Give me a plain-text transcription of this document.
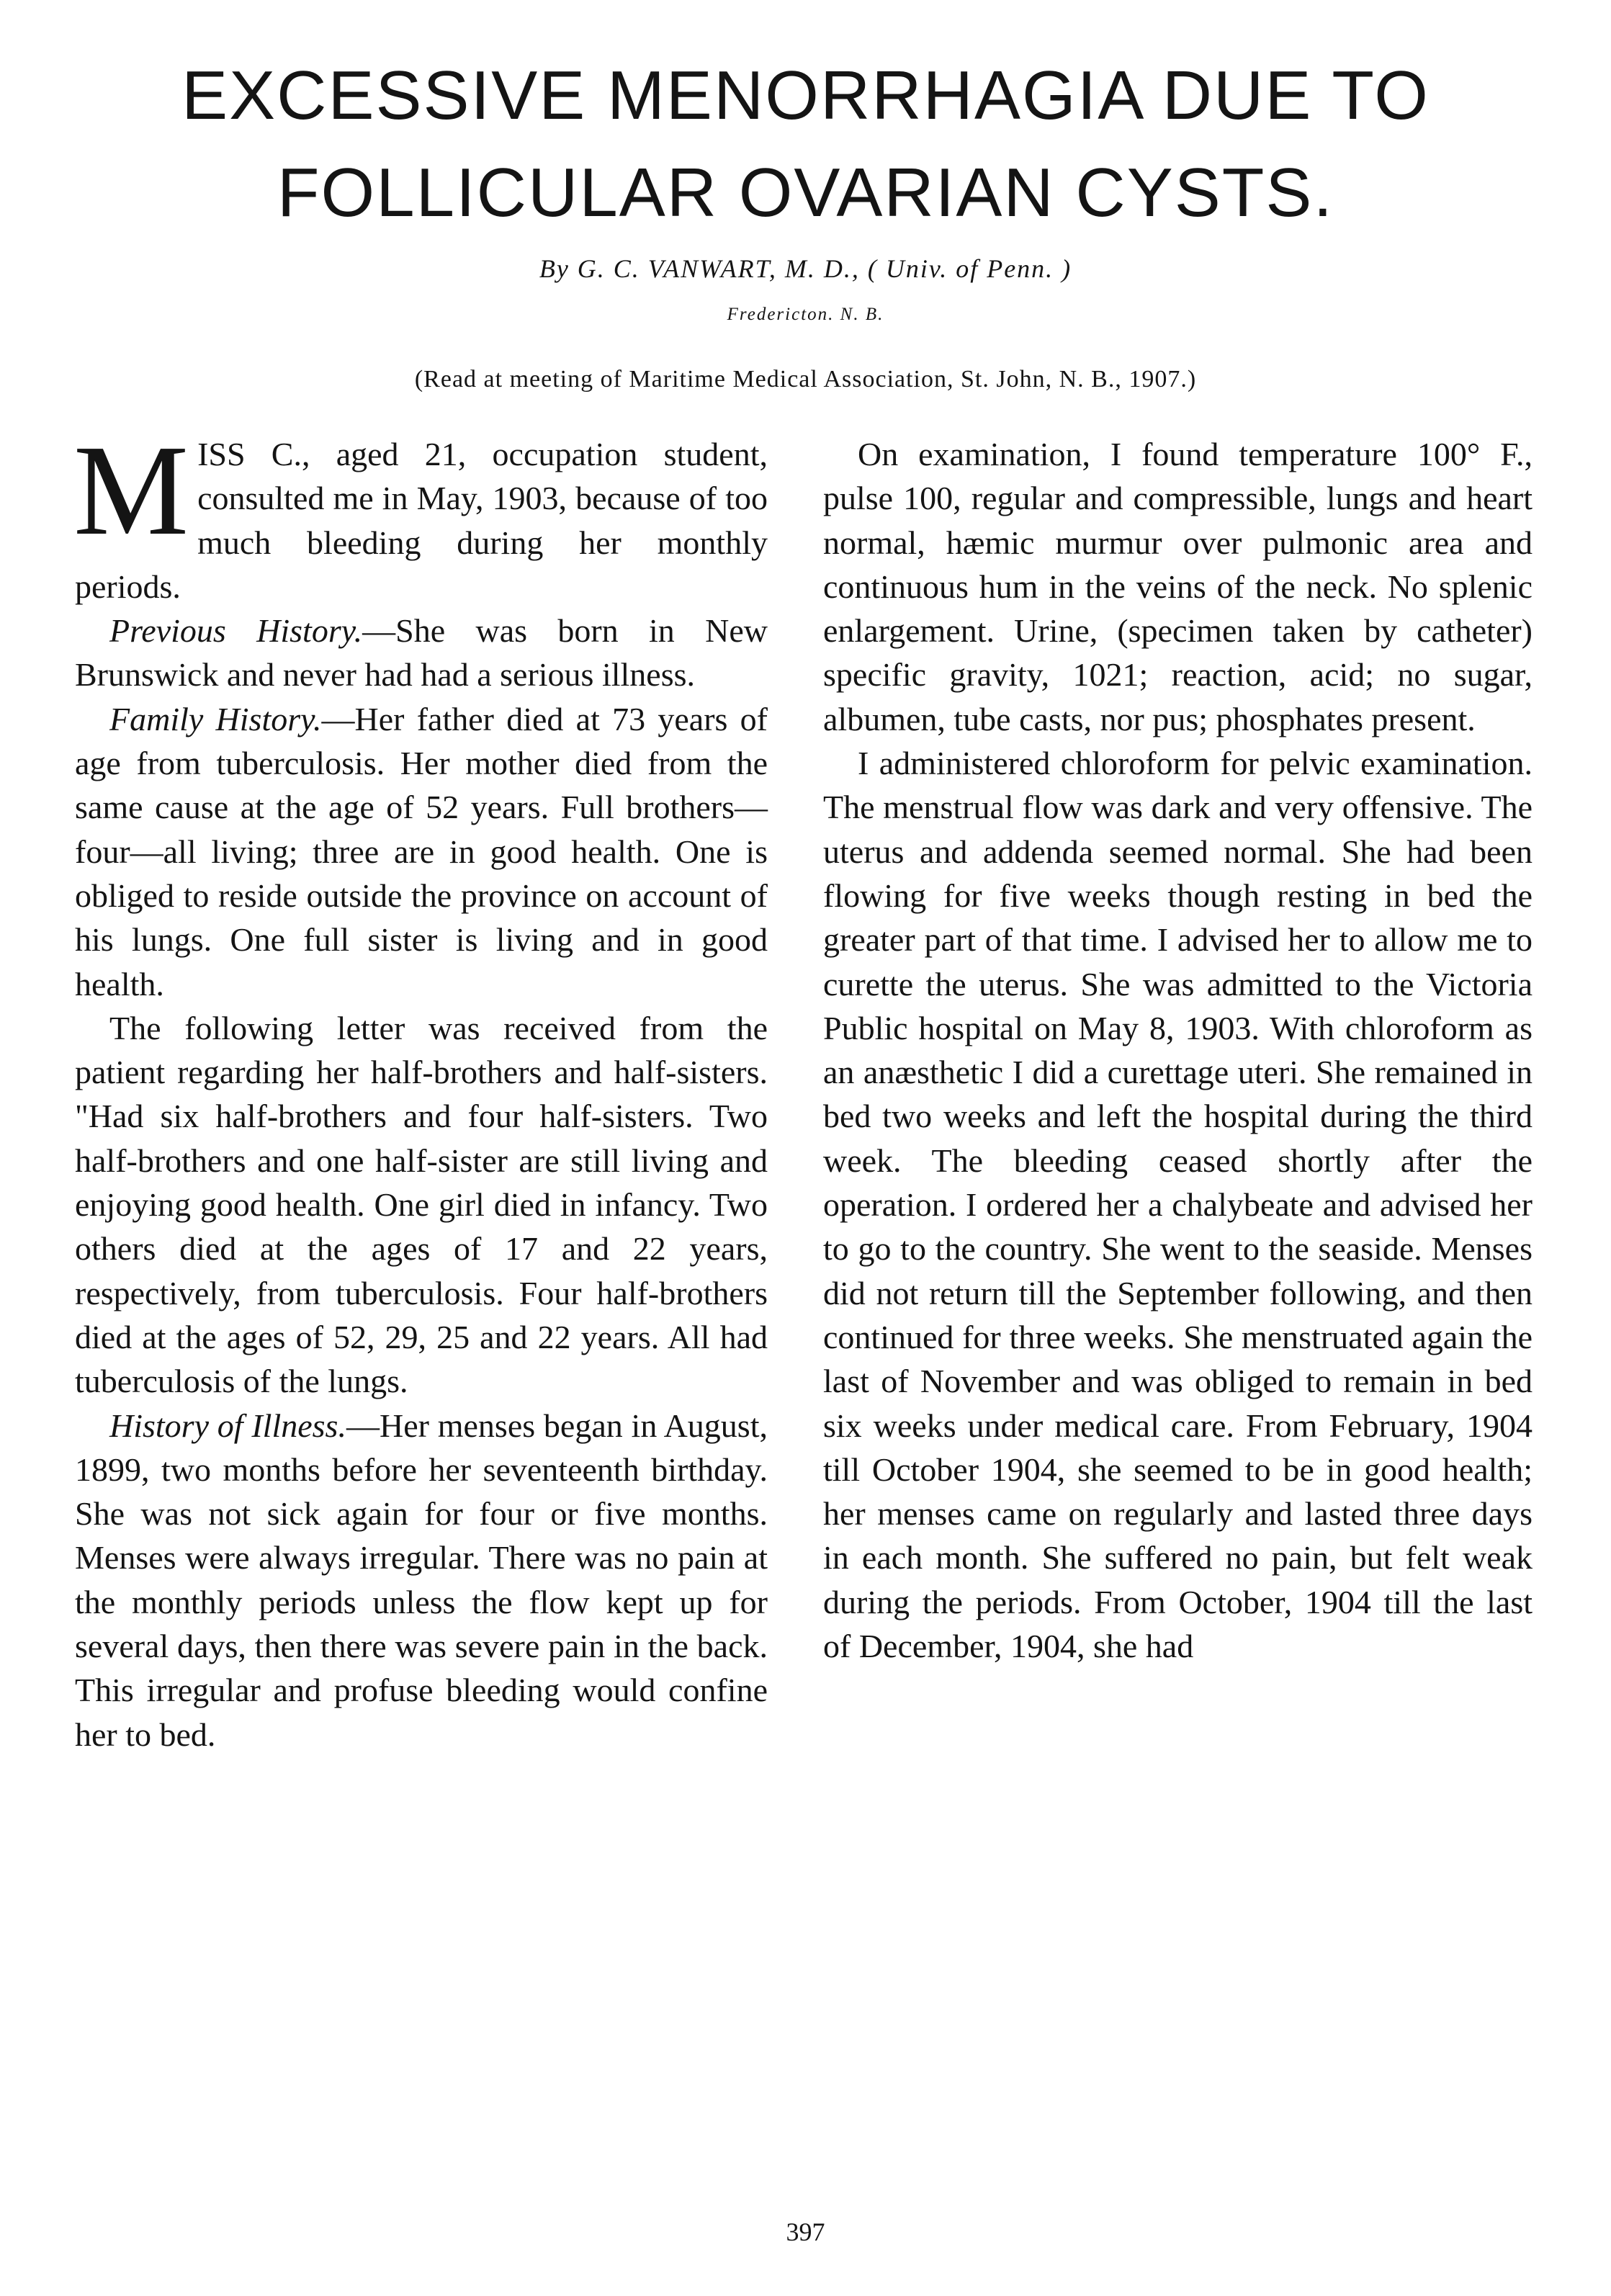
EXCESSIVE MENORRHAGIA DUE TO
FOLLICULAR OVARIAN CYSTS.
By G. C. VANWART, M. D., ( Univ. of Penn. )
Fredericton. N. B.
(Read at meeting of Maritime Medical Association, St. John, N. B., 1907.)

MISS C., aged 21, occupation student, consulted me in May, 1903, because of too much bleeding during her monthly periods.

Previous History.—She was born in New Brunswick and never had had a serious illness.

Family History.—Her father died at 73 years of age from tuberculosis. Her mother died from the same cause at the age of 52 years. Full brothers—four—all living; three are in good health. One is obliged to reside outside the province on account of his lungs. One full sister is living and in good health.

The following letter was received from the patient regarding her half-brothers and half-sisters. "Had six half-brothers and four half-sisters. Two half-brothers and one half-sister are still living and enjoying good health. One girl died in infancy. Two others died at the ages of 17 and 22 years, respectively, from tuberculosis. Four half-brothers died at the ages of 52, 29, 25 and 22 years. All had tuberculosis of the lungs.

History of Illness.—Her menses began in August, 1899, two months before her seventeenth birthday. She was not sick again for four or five months. Menses were always irregular. There was no pain at the monthly periods unless the flow kept up for several days, then there was severe pain in the back. This irregular and profuse bleeding would confine her to bed.

On examination, I found temperature 100° F., pulse 100, regular and compressible, lungs and heart normal, hæmic murmur over pulmonic area and continuous hum in the veins of the neck. No splenic enlargement. Urine, (specimen taken by catheter) specific gravity, 1021; reaction, acid; no sugar, albumen, tube casts, nor pus; phosphates present.

I administered chloroform for pelvic examination. The menstrual flow was dark and very offensive. The uterus and addenda seemed normal. She had been flowing for five weeks though resting in bed the greater part of that time. I advised her to allow me to curette the uterus. She was admitted to the Victoria Public hospital on May 8, 1903. With chloroform as an anæsthetic I did a curettage uteri. She remained in bed two weeks and left the hospital during the third week. The bleeding ceased shortly after the operation. I ordered her a chalybeate and advised her to go to the country. She went to the seaside. Menses did not return till the September following, and then continued for three weeks. She menstruated again the last of November and was obliged to remain in bed six weeks under medical care. From February, 1904 till October 1904, she seemed to be in good health; her menses came on regularly and lasted three days in each month. She suffered no pain, but felt weak during the periods. From October, 1904 till the last of December, 1904, she had

397
